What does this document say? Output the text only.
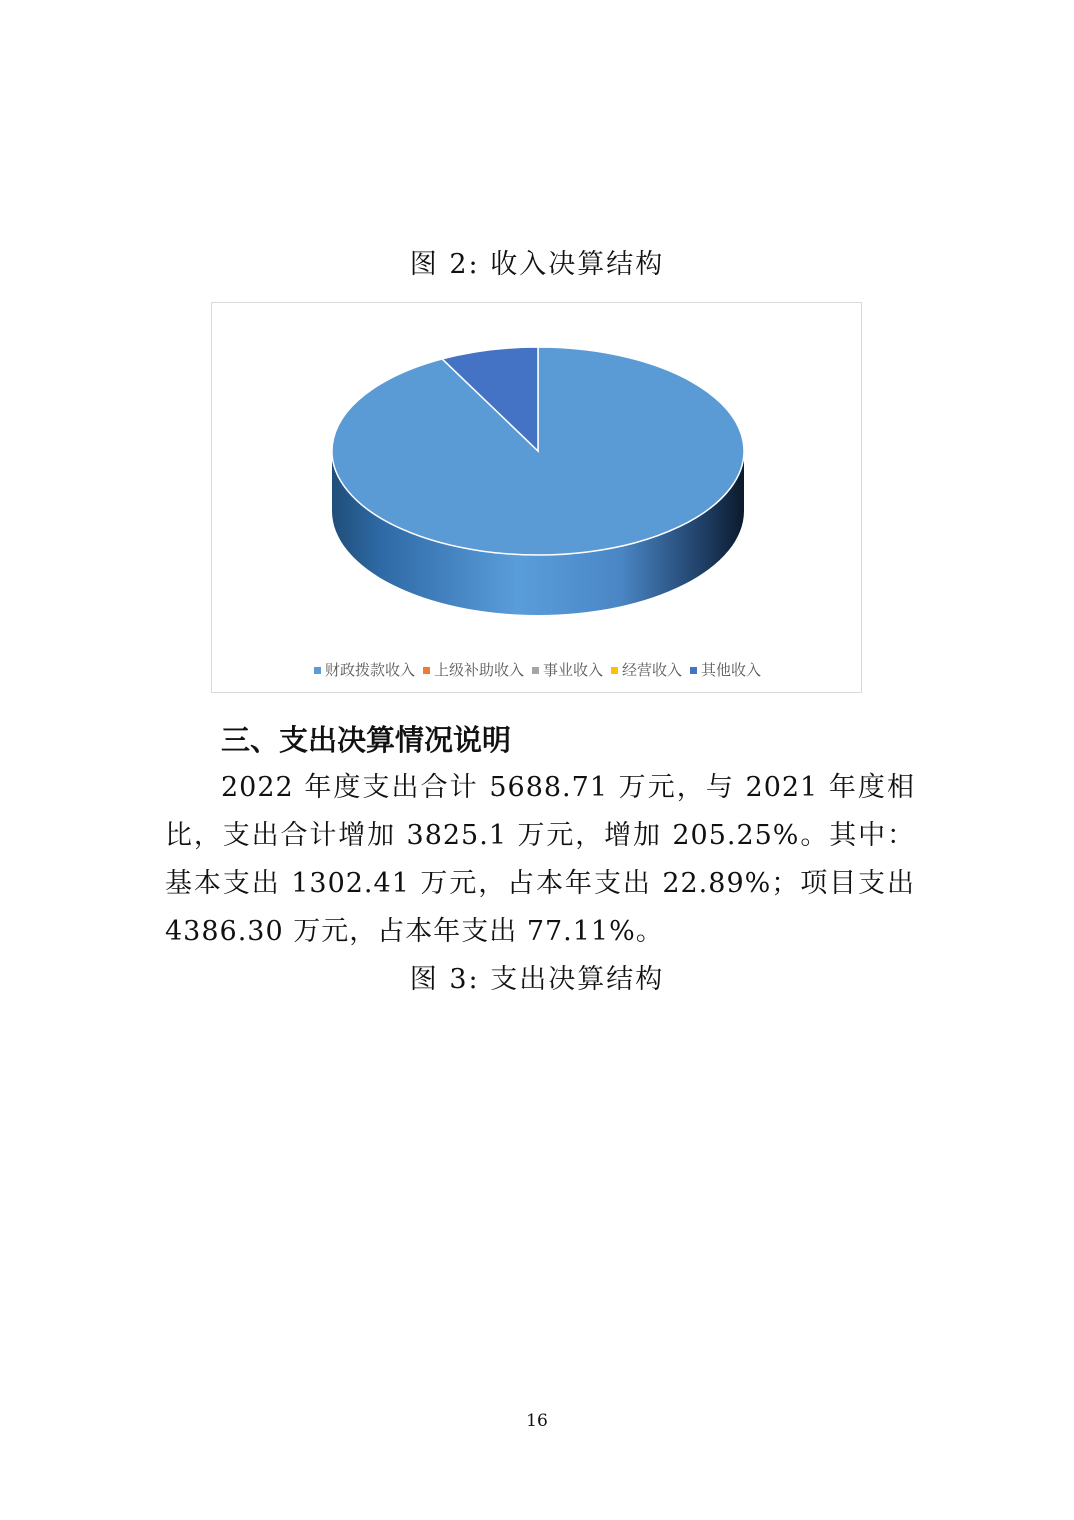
图 2: 收入决算结构
财政拨款收入 上级补助收入 事业收入 经营收入 其他收入
三、支出决算情况说明
2022 年度支出合计 5688.71 万元，与 2021 年度相比，支出合计增加 3825.1 万元，增加 205.25%。其中：基本支出 1302.41 万元，占本年支出 22.89%；项目支出 4386.30 万元，占本年支出 77.11%。
图 3: 支出决算结构
16
